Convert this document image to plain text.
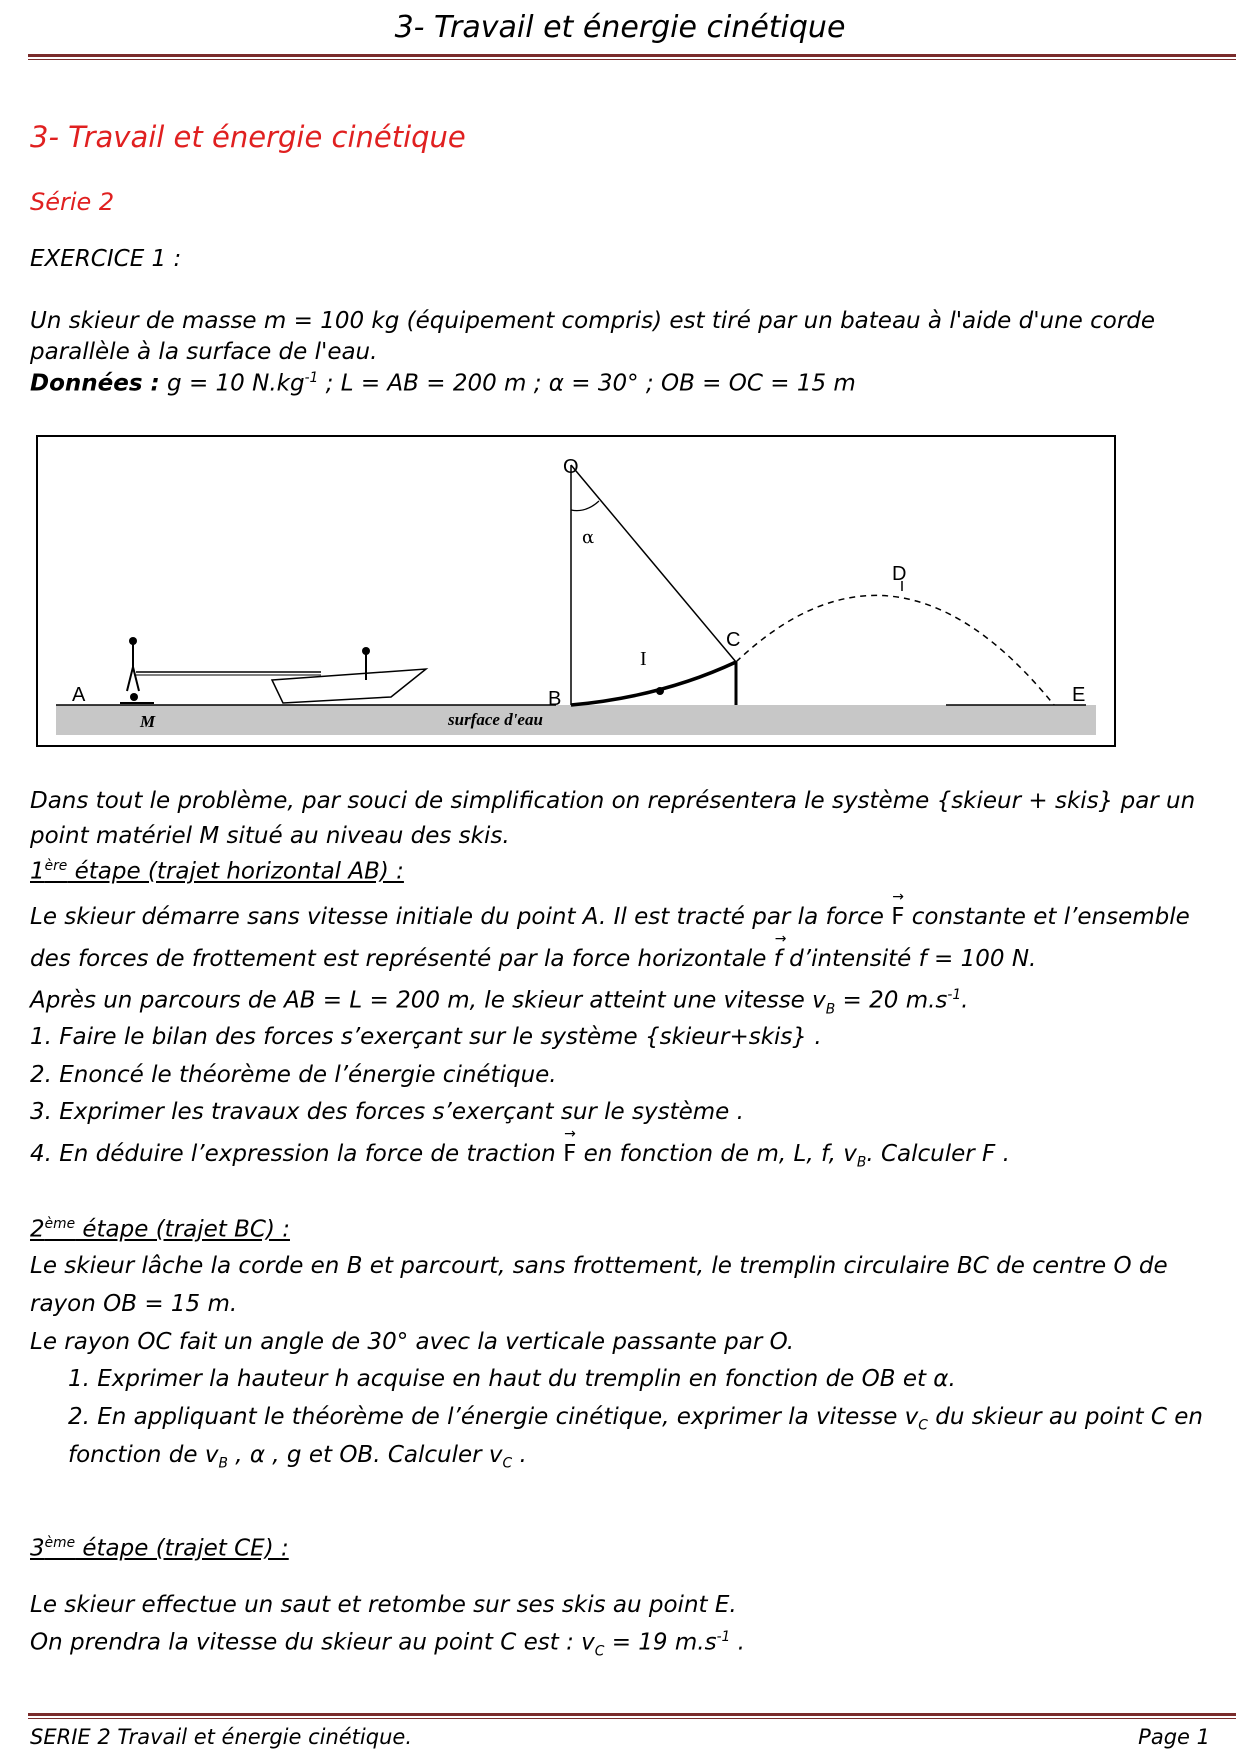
3- Travail et énergie cinétique
3- Travail et énergie cinétique
Série 2
EXERCICE 1 :
Un skieur de masse m = 100 kg (équipement compris) est tiré par un bateau à l'aide d'une corde
parallèle à la surface de l'eau.
Données : g = 10 $N.kg^{-1}$ ; L = AB = 200 m ; α = 30° ; OB = OC = 15 m
O
α
D
C
I
A	B	E
M	surface d'eau
Dans tout le problème, par souci de simplification on représentera le système {skieur + skis} par un
point matériel M situé au niveau des skis.
1ère étape (trajet horizontal AB) :
Le skieur démarre sans vitesse initiale du point A. Il est tracté par la force → F constante et l’ensemble
des forces de frottement est représenté par la force horizontale → f d’intensité f = 100 N.
Après un parcours de AB = L = 200 m, le skieur atteint une vitesse $v_B = 20$ $m.s^{-1}$.
1. Faire le bilan des forces s’exerçant sur le système {skieur+skis} .
2. Enoncé le théorème de l’énergie cinétique.
3. Exprimer les travaux des forces s’exerçant sur le système .
4. En déduire l’expression la force de traction → F en fonction de m, L, f, $v_B$. Calculer F .
2ème étape (trajet BC) :
Le skieur lâche la corde en B et parcourt, sans frottement, le tremplin circulaire BC de centre O de
rayon OB = 15 m.
Le rayon OC fait un angle de 30° avec la verticale passante par O.
1. Exprimer la hauteur h acquise en haut du tremplin en fonction de OB et α.
2. En appliquant le théorème de l’énergie cinétique, exprimer la vitesse $v_C$ du skieur au point C en
fonction de $v_B$ , α , g et OB. Calculer $v_C$ .
3ème étape (trajet CE) :
Le skieur effectue un saut et retombe sur ses skis au point E.
On prendra la vitesse du skieur au point C est : $v_C = 19$ $m.s^{-1}$ .
SERIE 2 Travail et énergie cinétique.	Page 1
